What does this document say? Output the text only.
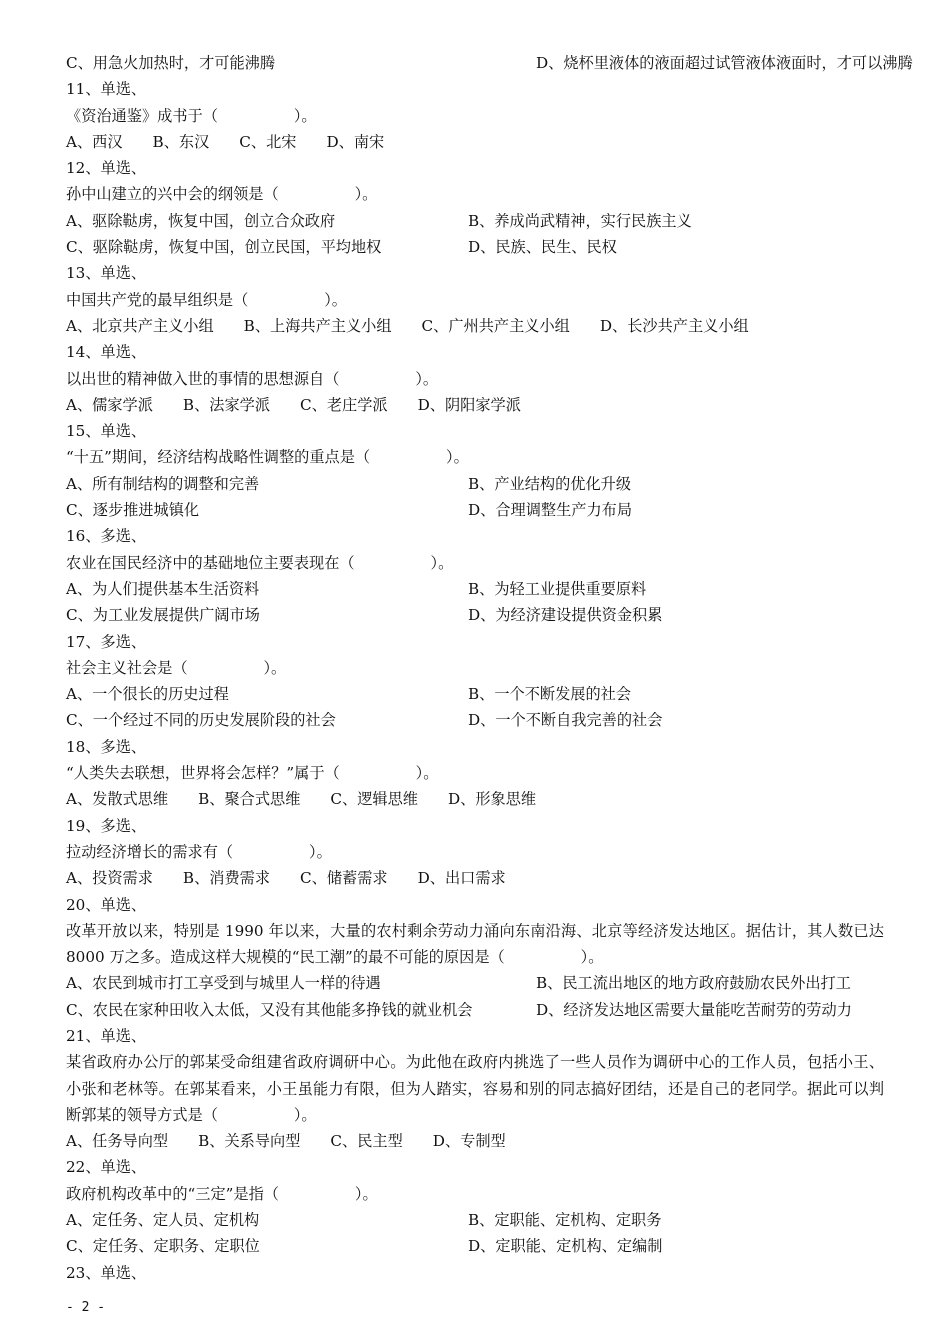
C、用急火加热时，才可能沸腾	D、烧杯里液体的液面超过试管液体液面时，才可以沸腾
11、单选、
《资治通鉴》成书于（　　　　　）。
A、西汉 B、东汉 C、北宋 D、南宋
12、单选、
孙中山建立的兴中会的纲领是（　　　　　）。
A、驱除鞑虏，恢复中国，创立合众政府	B、养成尚武精神，实行民族主义
C、驱除鞑虏，恢复中国，创立民国，平均地权	D、民族、民生、民权
13、单选、
中国共产党的最早组织是（　　　　　）。
A、北京共产主义小组 B、上海共产主义小组 C、广州共产主义小组 D、长沙共产主义小组
14、单选、
以出世的精神做入世的事情的思想源自（　　　　　）。
A、儒家学派 B、法家学派 C、老庄学派 D、阴阳家学派
15、单选、
“十五”期间，经济结构战略性调整的重点是（　　　　　）。
A、所有制结构的调整和完善	B、产业结构的优化升级
C、逐步推进城镇化	D、合理调整生产力布局
16、多选、
农业在国民经济中的基础地位主要表现在（　　　　　）。
A、为人们提供基本生活资料	B、为轻工业提供重要原料
C、为工业发展提供广阔市场	D、为经济建设提供资金积累
17、多选、
社会主义社会是（　　　　　）。
A、一个很长的历史过程	B、一个不断发展的社会
C、一个经过不同的历史发展阶段的社会	D、一个不断自我完善的社会
18、多选、
“人类失去联想，世界将会怎样？”属于（　　　　　）。
A、发散式思维 B、聚合式思维 C、逻辑思维 D、形象思维
19、多选、
拉动经济增长的需求有（　　　　　）。
A、投资需求 B、消费需求 C、储蓄需求 D、出口需求
20、单选、
改革开放以来，特别是 1990 年以来，大量的农村剩余劳动力涌向东南沿海、北京等经济发达地区。据估计，其人数已达 8000 万之多。造成这样大规模的“民工潮”的最不可能的原因是（　　　　　）。
A、农民到城市打工享受到与城里人一样的待遇	B、民工流出地区的地方政府鼓励农民外出打工
C、农民在家种田收入太低，又没有其他能多挣钱的就业机会	D、经济发达地区需要大量能吃苦耐劳的劳动力
21、单选、
某省政府办公厅的郭某受命组建省政府调研中心。为此他在政府内挑选了一些人员作为调研中心的工作人员，包括小王、小张和老林等。在郭某看来，小王虽能力有限，但为人踏实，容易和别的同志搞好团结，还是自己的老同学。据此可以判断郭某的领导方式是（　　　　　）。
A、任务导向型 B、关系导向型 C、民主型 D、专制型
22、单选、
政府机构改革中的“三定”是指（　　　　　）。
A、定任务、定人员、定机构	B、定职能、定机构、定职务
C、定任务、定职务、定职位	D、定职能、定机构、定编制
23、单选、
- 2 -
